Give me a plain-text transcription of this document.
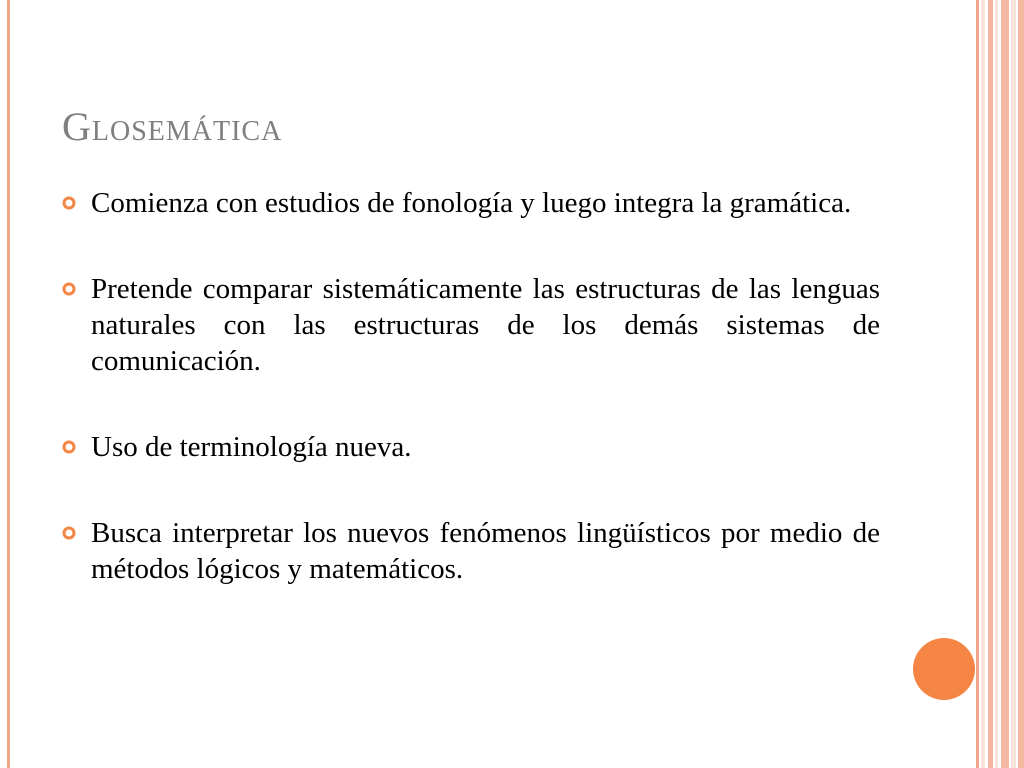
Glosemática
Comienza con estudios de fonología y luego integra la gramática.
Pretende comparar sistemáticamente las estructuras de las lenguas naturales con las estructuras de los demás sistemas de comunicación.
Uso de terminología nueva.
Busca interpretar los nuevos fenómenos lingüísticos por medio de métodos lógicos y matemáticos.
